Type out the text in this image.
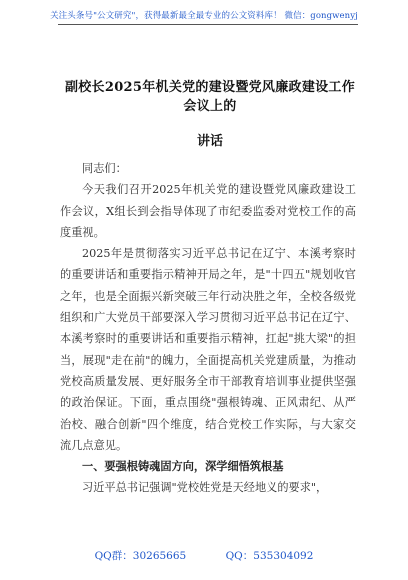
关注头条号"公文研究"，获得最新最全最专业的公文资料库！ 微信：gongwenyj
副校长2025年机关党的建设暨党风廉政建设工作会议上的
讲话

同志们：

今天我们召开2025年机关党的建设暨党风廉政建设工作会议，X组长到会指导体现了市纪委监委对党校工作的高度重视。

2025年是贯彻落实习近平总书记在辽宁、本溪考察时的重要讲话和重要指示精神开局之年，是"十四五"规划收官之年，也是全面振兴新突破三年行动决胜之年，全校各级党组织和广大党员干部要深入学习贯彻习近平总书记在辽宁、本溪考察时的重要讲话和重要指示精神，扛起"挑大梁"的担当，展现"走在前"的魄力，全面提高机关党建质量，为推动党校高质量发展、更好服务全市干部教育培训事业提供坚强的政治保证。下面，重点围绕"强根铸魂、正风肃纪、从严治校、融合创新"四个维度，结合党校工作实际，与大家交流几点意见。

一、要强根铸魂固方向，深学细悟筑根基

习近平总书记强调"党校姓党是天经地义的要求"，

QQ群：30265665	QQ：535304092
